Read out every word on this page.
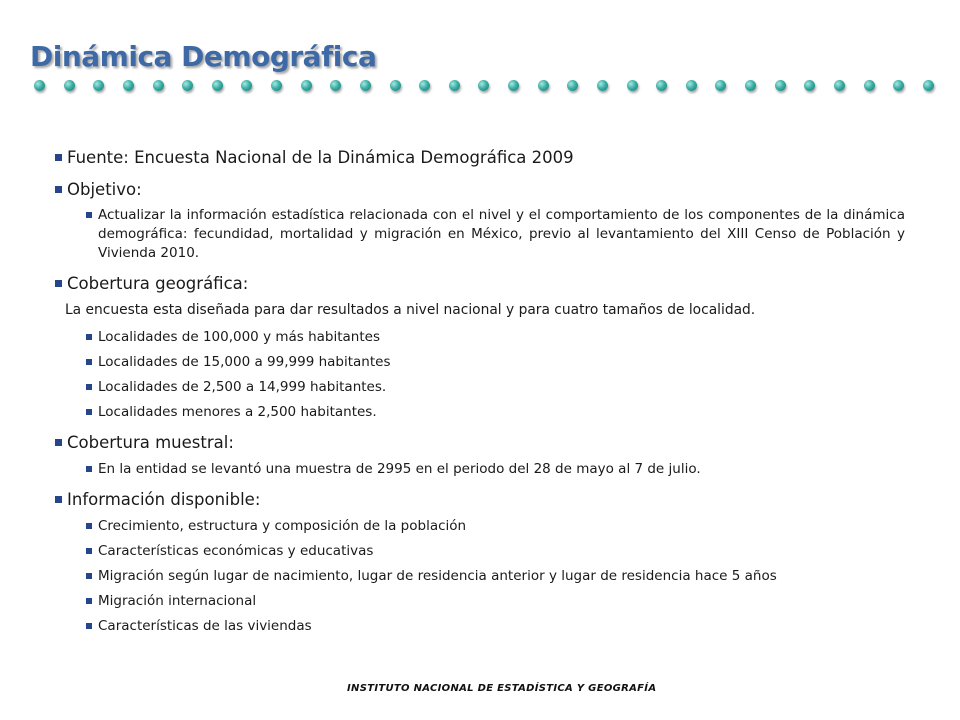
Dinámica Demográfica

Fuente: Encuesta Nacional de la Dinámica Demográfica 2009

Objetivo:

Actualizar la información estadística relacionada con el nivel y el comportamiento de los componentes de la dinámica demográfica: fecundidad, mortalidad y migración en México, previo al levantamiento del XIII Censo de Población y Vivienda 2010.

Cobertura geográfica:

La encuesta esta diseñada para dar resultados a nivel nacional y para cuatro tamaños de localidad.

Localidades de 100,000 y más habitantes

Localidades de 15,000 a 99,999 habitantes

Localidades de 2,500 a 14,999 habitantes.

Localidades menores a 2,500 habitantes.

Cobertura muestral:

En la entidad se levantó una muestra de 2995 en el periodo del 28 de mayo al 7 de julio.

Información disponible:

Crecimiento, estructura y composición de la población

Características económicas y educativas

Migración según lugar de nacimiento, lugar de residencia anterior y lugar de residencia hace 5 años

Migración internacional

Características de las viviendas

INSTITUTO NACIONAL DE ESTADÍSTICA Y GEOGRAFÍA
